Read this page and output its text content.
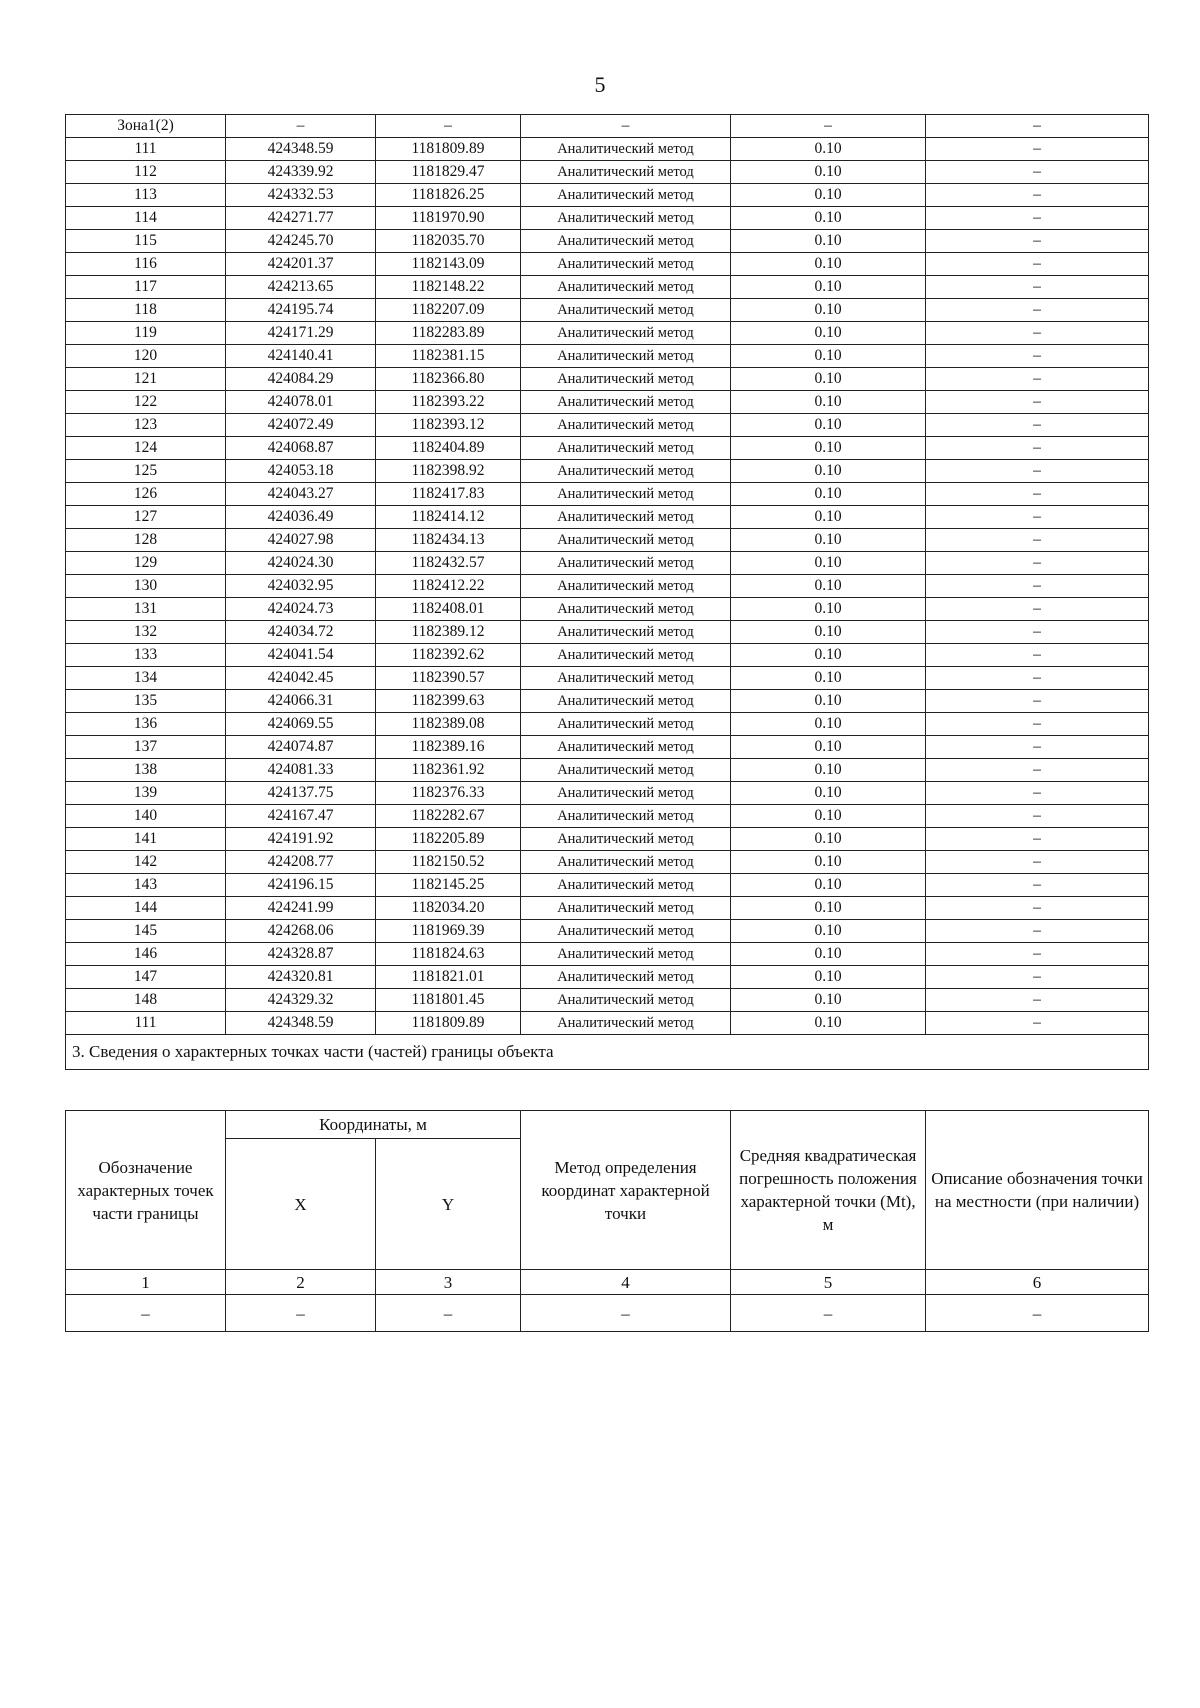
5
Зона1(2)	–	–	–	–	–
111	424348.59	1181809.89	Аналитический метод	0.10	–
112	424339.92	1181829.47	Аналитический метод	0.10	–
113	424332.53	1181826.25	Аналитический метод	0.10	–
114	424271.77	1181970.90	Аналитический метод	0.10	–
115	424245.70	1182035.70	Аналитический метод	0.10	–
116	424201.37	1182143.09	Аналитический метод	0.10	–
117	424213.65	1182148.22	Аналитический метод	0.10	–
118	424195.74	1182207.09	Аналитический метод	0.10	–
119	424171.29	1182283.89	Аналитический метод	0.10	–
120	424140.41	1182381.15	Аналитический метод	0.10	–
121	424084.29	1182366.80	Аналитический метод	0.10	–
122	424078.01	1182393.22	Аналитический метод	0.10	–
123	424072.49	1182393.12	Аналитический метод	0.10	–
124	424068.87	1182404.89	Аналитический метод	0.10	–
125	424053.18	1182398.92	Аналитический метод	0.10	–
126	424043.27	1182417.83	Аналитический метод	0.10	–
127	424036.49	1182414.12	Аналитический метод	0.10	–
128	424027.98	1182434.13	Аналитический метод	0.10	–
129	424024.30	1182432.57	Аналитический метод	0.10	–
130	424032.95	1182412.22	Аналитический метод	0.10	–
131	424024.73	1182408.01	Аналитический метод	0.10	–
132	424034.72	1182389.12	Аналитический метод	0.10	–
133	424041.54	1182392.62	Аналитический метод	0.10	–
134	424042.45	1182390.57	Аналитический метод	0.10	–
135	424066.31	1182399.63	Аналитический метод	0.10	–
136	424069.55	1182389.08	Аналитический метод	0.10	–
137	424074.87	1182389.16	Аналитический метод	0.10	–
138	424081.33	1182361.92	Аналитический метод	0.10	–
139	424137.75	1182376.33	Аналитический метод	0.10	–
140	424167.47	1182282.67	Аналитический метод	0.10	–
141	424191.92	1182205.89	Аналитический метод	0.10	–
142	424208.77	1182150.52	Аналитический метод	0.10	–
143	424196.15	1182145.25	Аналитический метод	0.10	–
144	424241.99	1182034.20	Аналитический метод	0.10	–
145	424268.06	1181969.39	Аналитический метод	0.10	–
146	424328.87	1181824.63	Аналитический метод	0.10	–
147	424320.81	1181821.01	Аналитический метод	0.10	–
148	424329.32	1181801.45	Аналитический метод	0.10	–
111	424348.59	1181809.89	Аналитический метод	0.10	–
3. Сведения о характерных точках части (частей) границы объекта					
Обозначение характерных точек части границы	Координаты, м		Метод определения координат характерной точки	Средняя квадратическая погрешность положения характерной точки (Мt), м	Описание обозначения точки на местности (при наличии)
	X	Y			
1	2	3	4	5	6
–	–	–	–	–	–
